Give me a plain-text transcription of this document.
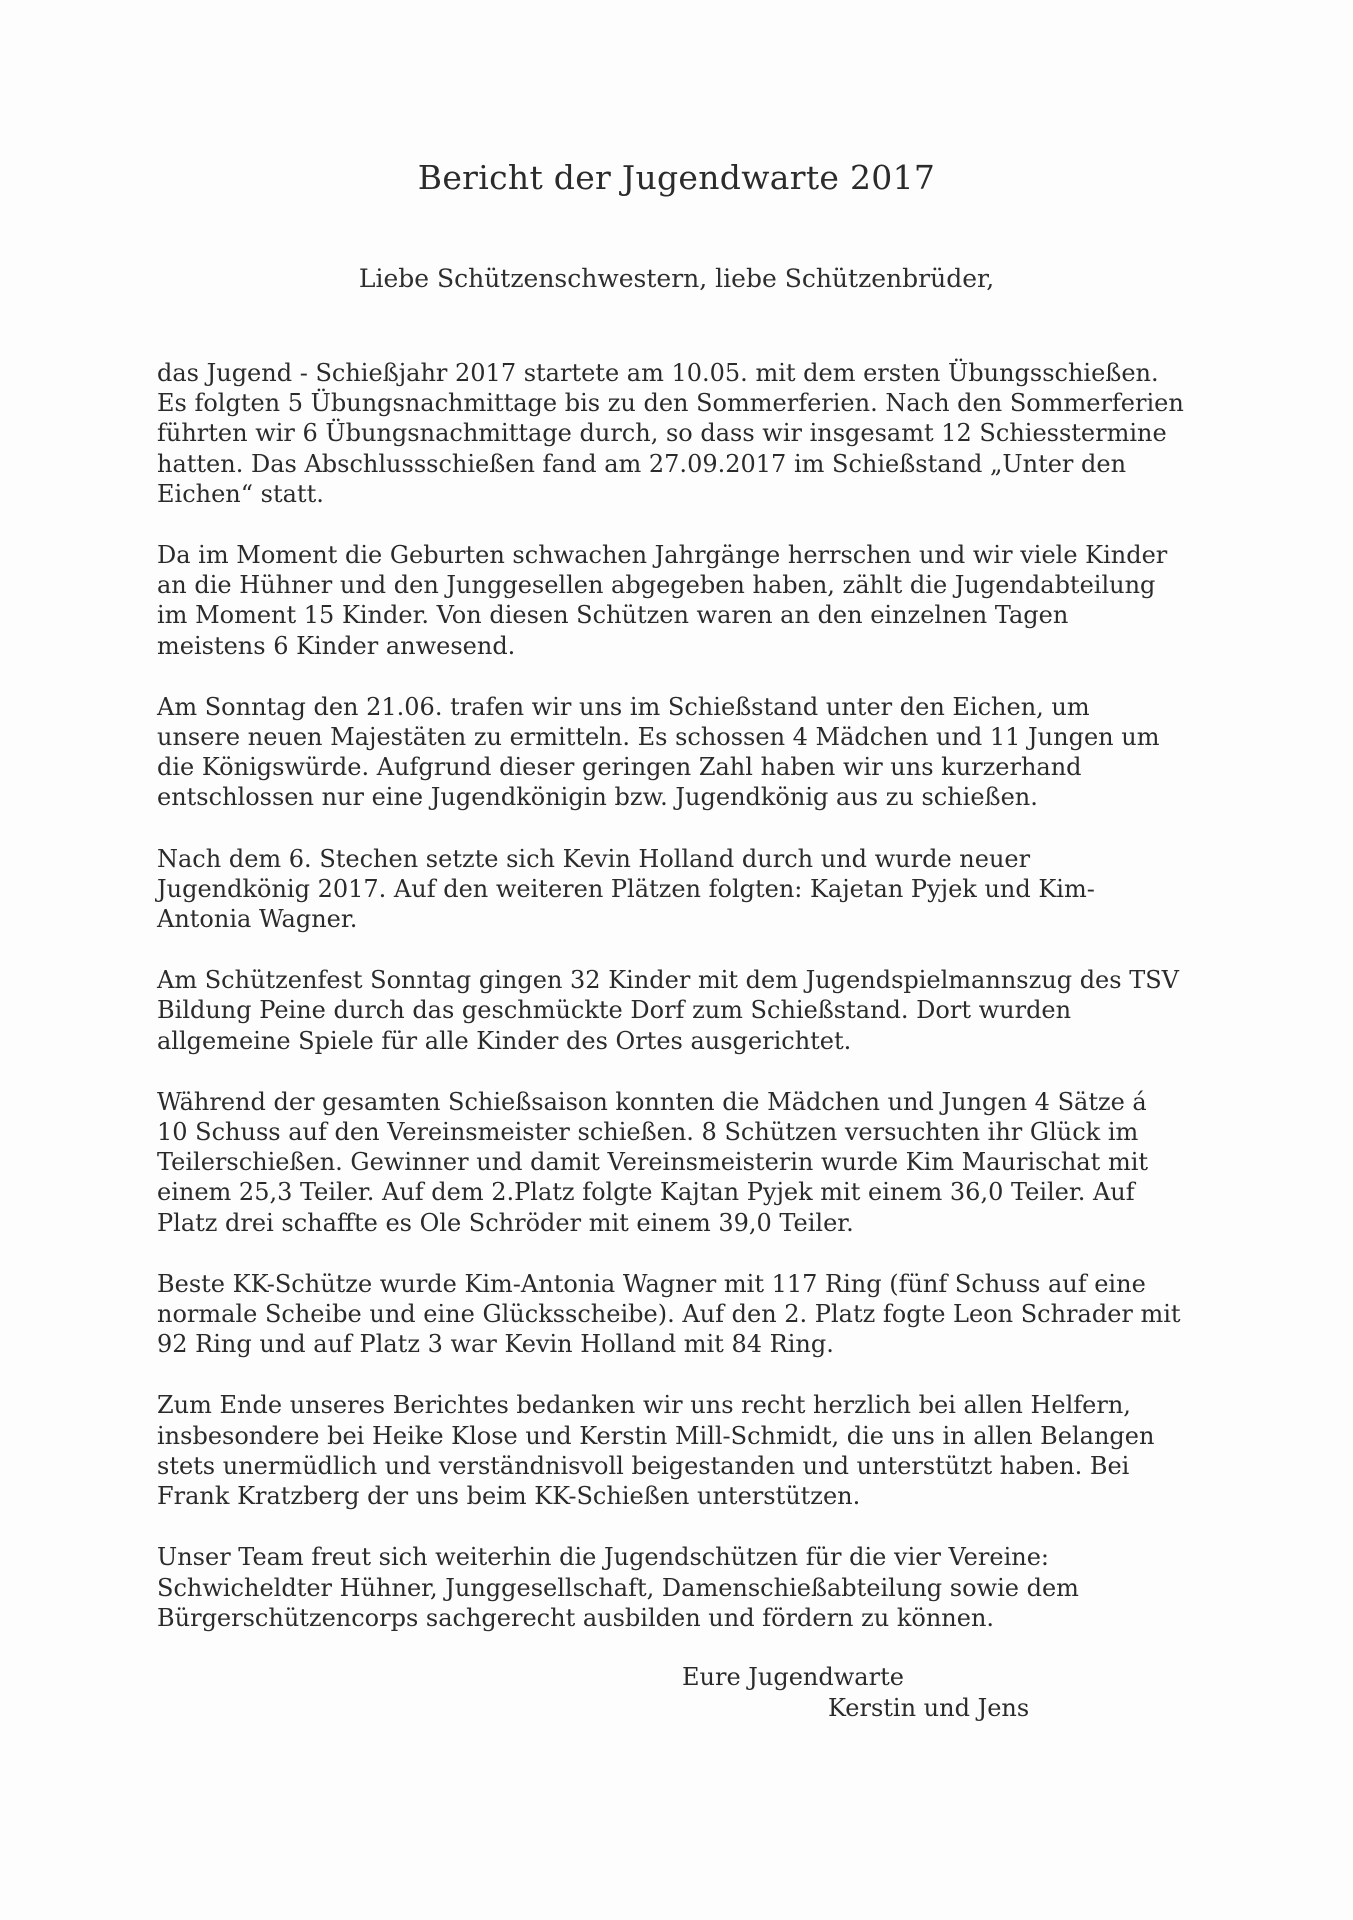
Bericht der Jugendwarte 2017

Liebe Schützenschwestern, liebe Schützenbrüder,

das Jugend - Schießjahr 2017 startete am 10.05. mit dem ersten Übungsschießen.
Es folgten 5 Übungsnachmittage bis zu den Sommerferien. Nach den Sommerferien
führten wir 6 Übungsnachmittage durch, so dass wir insgesamt 12 Schiesstermine
hatten. Das Abschlussschießen fand am 27.09.2017 im Schießstand „Unter den
Eichen“ statt.

Da im Moment die Geburten schwachen Jahrgänge herrschen und wir viele Kinder
an die Hühner und den Junggesellen abgegeben haben, zählt die Jugendabteilung
im Moment 15 Kinder. Von diesen Schützen waren an den einzelnen Tagen
meistens 6 Kinder anwesend.

Am Sonntag den 21.06. trafen wir uns im Schießstand unter den Eichen, um
unsere neuen Majestäten zu ermitteln. Es schossen 4 Mädchen und 11 Jungen um
die Königswürde. Aufgrund dieser geringen Zahl haben wir uns kurzerhand
entschlossen nur eine Jugendkönigin bzw. Jugendkönig aus zu schießen.

Nach dem 6. Stechen setzte sich Kevin Holland durch und wurde neuer
Jugendkönig 2017. Auf den weiteren Plätzen folgten: Kajetan Pyjek und Kim-
Antonia Wagner.

Am Schützenfest Sonntag gingen 32 Kinder mit dem Jugendspielmannszug des TSV
Bildung Peine durch das geschmückte Dorf zum Schießstand. Dort wurden
allgemeine Spiele für alle Kinder des Ortes ausgerichtet.

Während der gesamten Schießsaison konnten die Mädchen und Jungen 4 Sätze á
10 Schuss auf den Vereinsmeister schießen. 8 Schützen versuchten ihr Glück im
Teilerschießen. Gewinner und damit Vereinsmeisterin wurde Kim Maurischat mit
einem 25,3 Teiler. Auf dem 2.Platz folgte Kajtan Pyjek mit einem 36,0 Teiler. Auf
Platz drei schaffte es Ole Schröder mit einem 39,0 Teiler.

Beste KK-Schütze wurde Kim-Antonia Wagner mit 117 Ring (fünf Schuss auf eine
normale Scheibe und eine Glücksscheibe). Auf den 2. Platz fogte Leon Schrader mit
92 Ring und auf Platz 3 war Kevin Holland mit 84 Ring.

Zum Ende unseres Berichtes bedanken wir uns recht herzlich bei allen Helfern,
insbesondere bei Heike Klose und Kerstin Mill-Schmidt, die uns in allen Belangen
stets unermüdlich und verständnisvoll beigestanden und unterstützt haben. Bei
Frank Kratzberg der uns beim KK-Schießen unterstützen.

Unser Team freut sich weiterhin die Jugendschützen für die vier Vereine:
Schwicheldter Hühner, Junggesellschaft, Damenschießabteilung sowie dem
Bürgerschützencorps sachgerecht ausbilden und fördern zu können.

Eure Jugendwarte
Kerstin und Jens
